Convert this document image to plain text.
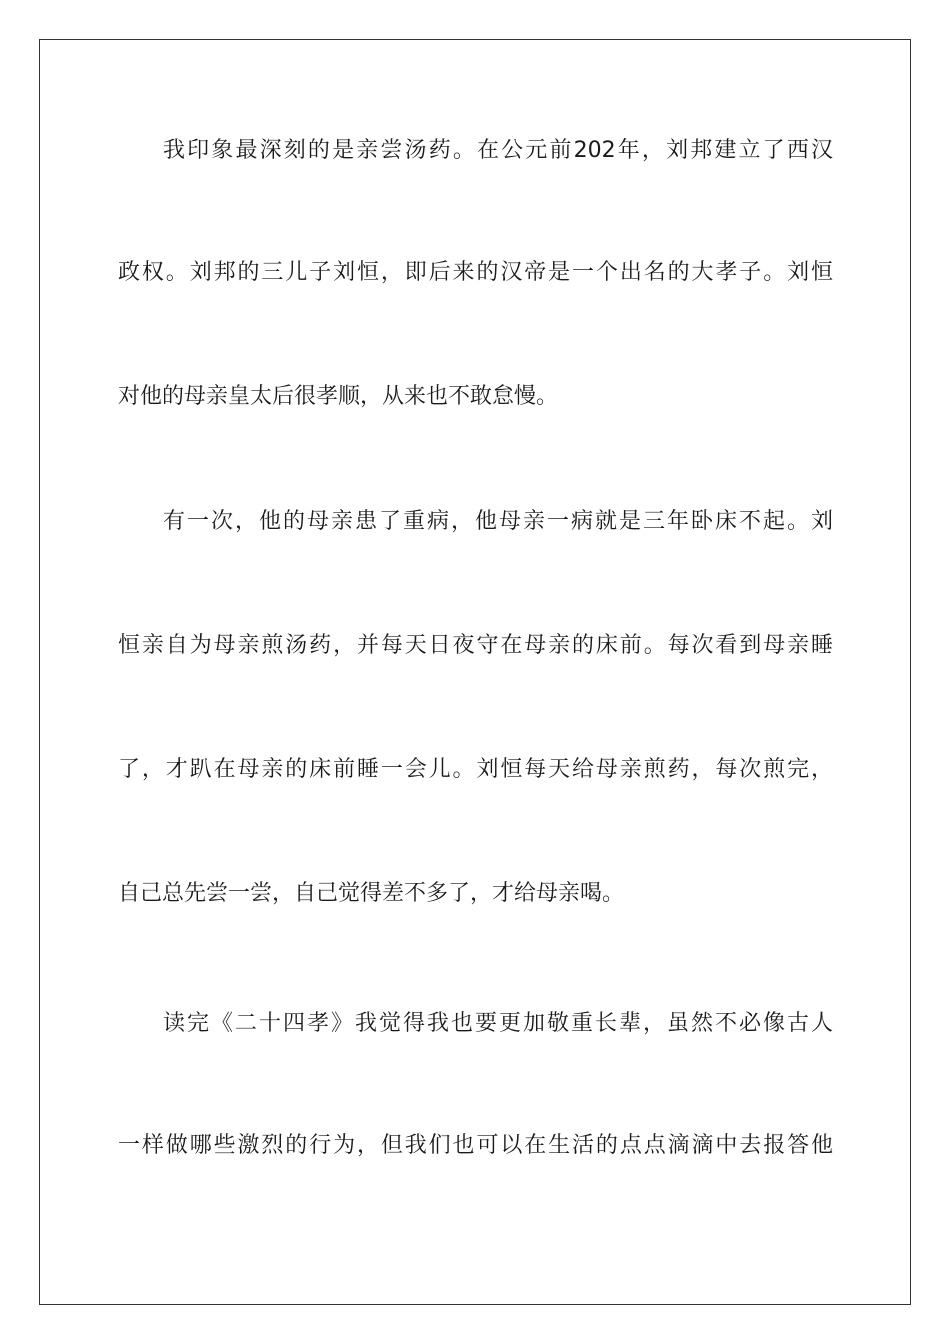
我印象最深刻的是亲尝汤药。在公元前202年，刘邦建立了西汉
政权。刘邦的三儿子刘恒，即后来的汉帝是一个出名的大孝子。刘恒
对他的母亲皇太后很孝顺，从来也不敢怠慢。
有一次，他的母亲患了重病，他母亲一病就是三年卧床不起。刘
恒亲自为母亲煎汤药，并每天日夜守在母亲的床前。每次看到母亲睡
了，才趴在母亲的床前睡一会儿。刘恒每天给母亲煎药，每次煎完，
自己总先尝一尝，自己觉得差不多了，才给母亲喝。
读完《二十四孝》我觉得我也要更加敬重长辈，虽然不必像古人
一样做哪些激烈的行为，但我们也可以在生活的点点滴滴中去报答他
